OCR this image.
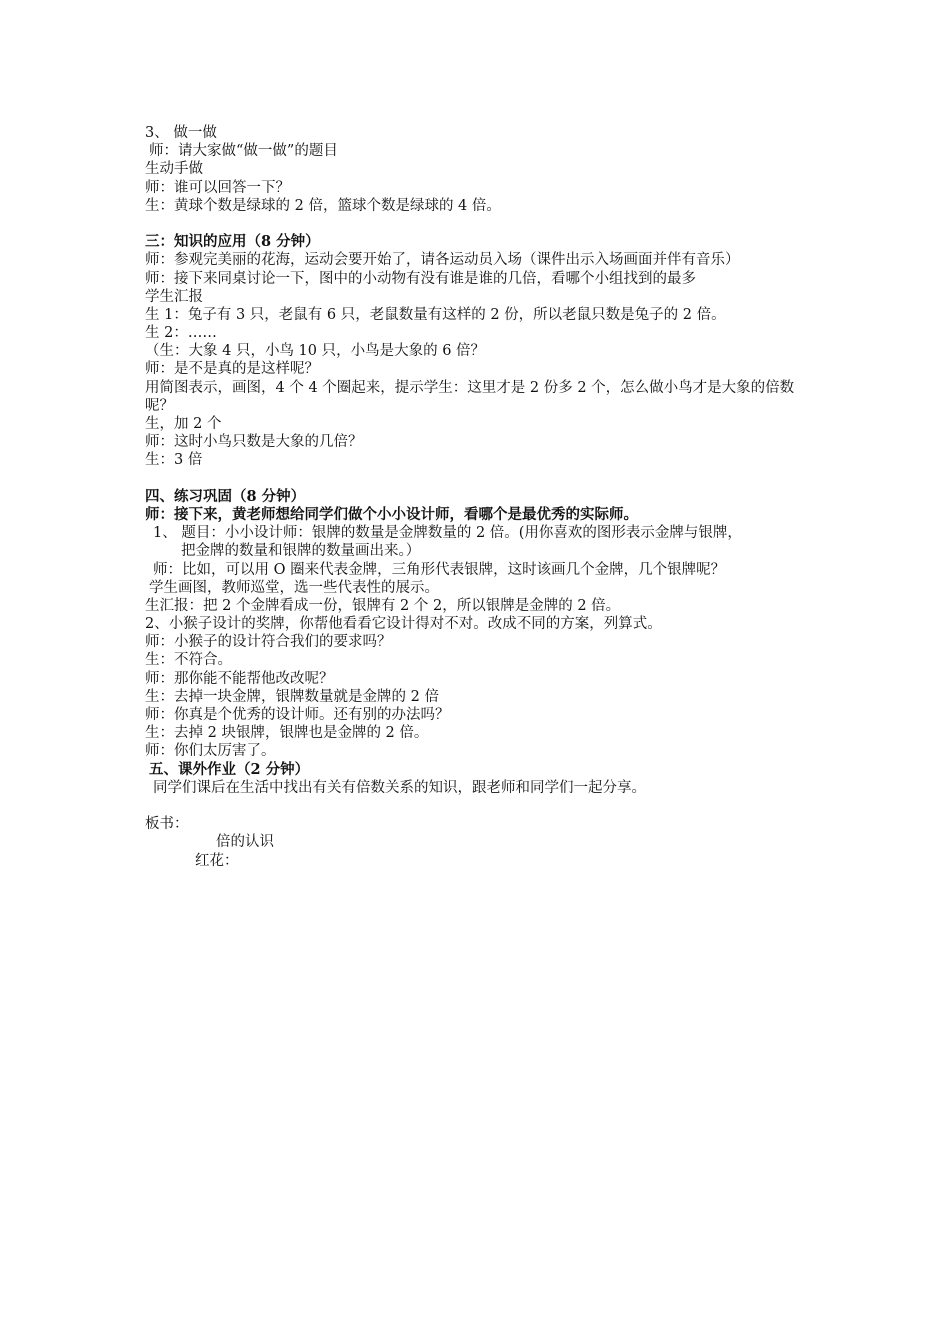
3、 做一做
师：请大家做“做一做”的题目
生动手做
师：谁可以回答一下？
生：黄球个数是绿球的 2 倍，篮球个数是绿球的 4 倍。
三：知识的应用（8 分钟）
师：参观完美丽的花海，运动会要开始了，请各运动员入场（课件出示入场画面并伴有音乐）
师：接下来同桌讨论一下，图中的小动物有没有谁是谁的几倍，看哪个小组找到的最多
学生汇报
生 1：兔子有 3 只，老鼠有 6 只，老鼠数量有这样的 2 份，所以老鼠只数是兔子的 2 倍。
生 2：……
（生：大象 4 只，小鸟 10 只，小鸟是大象的 6 倍？
师：是不是真的是这样呢？
用简图表示，画图，4 个 4 个圈起来，提示学生：这里才是 2 份多 2 个，怎么做小鸟才是大象的倍数呢？
生，加 2 个
师：这时小鸟只数是大象的几倍？
生：3 倍
四、练习巩固（8 分钟）
师：接下来，黄老师想给同学们做个小小设计师，看哪个是最优秀的实际师。
1、 题目：小小设计师：银牌的数量是金牌数量的 2 倍。(用你喜欢的图形表示金牌与银牌，
把金牌的数量和银牌的数量画出来。）
师：比如，可以用 O 圈来代表金牌，三角形代表银牌，这时该画几个金牌，几个银牌呢？
学生画图，教师巡堂，选一些代表性的展示。
生汇报：把 2 个金牌看成一份，银牌有 2 个 2，所以银牌是金牌的 2 倍。
2、小猴子设计的奖牌，你帮他看看它设计得对不对。改成不同的方案，列算式。
师：小猴子的设计符合我们的要求吗？
生：不符合。
师：那你能不能帮他改改呢？
生：去掉一块金牌，银牌数量就是金牌的 2 倍
师：你真是个优秀的设计师。还有别的办法吗？
生：去掉 2 块银牌，银牌也是金牌的 2 倍。
师：你们太厉害了。
五、课外作业（2 分钟）
同学们课后在生活中找出有关有倍数关系的知识，跟老师和同学们一起分享。
板书：
倍的认识
红花：
